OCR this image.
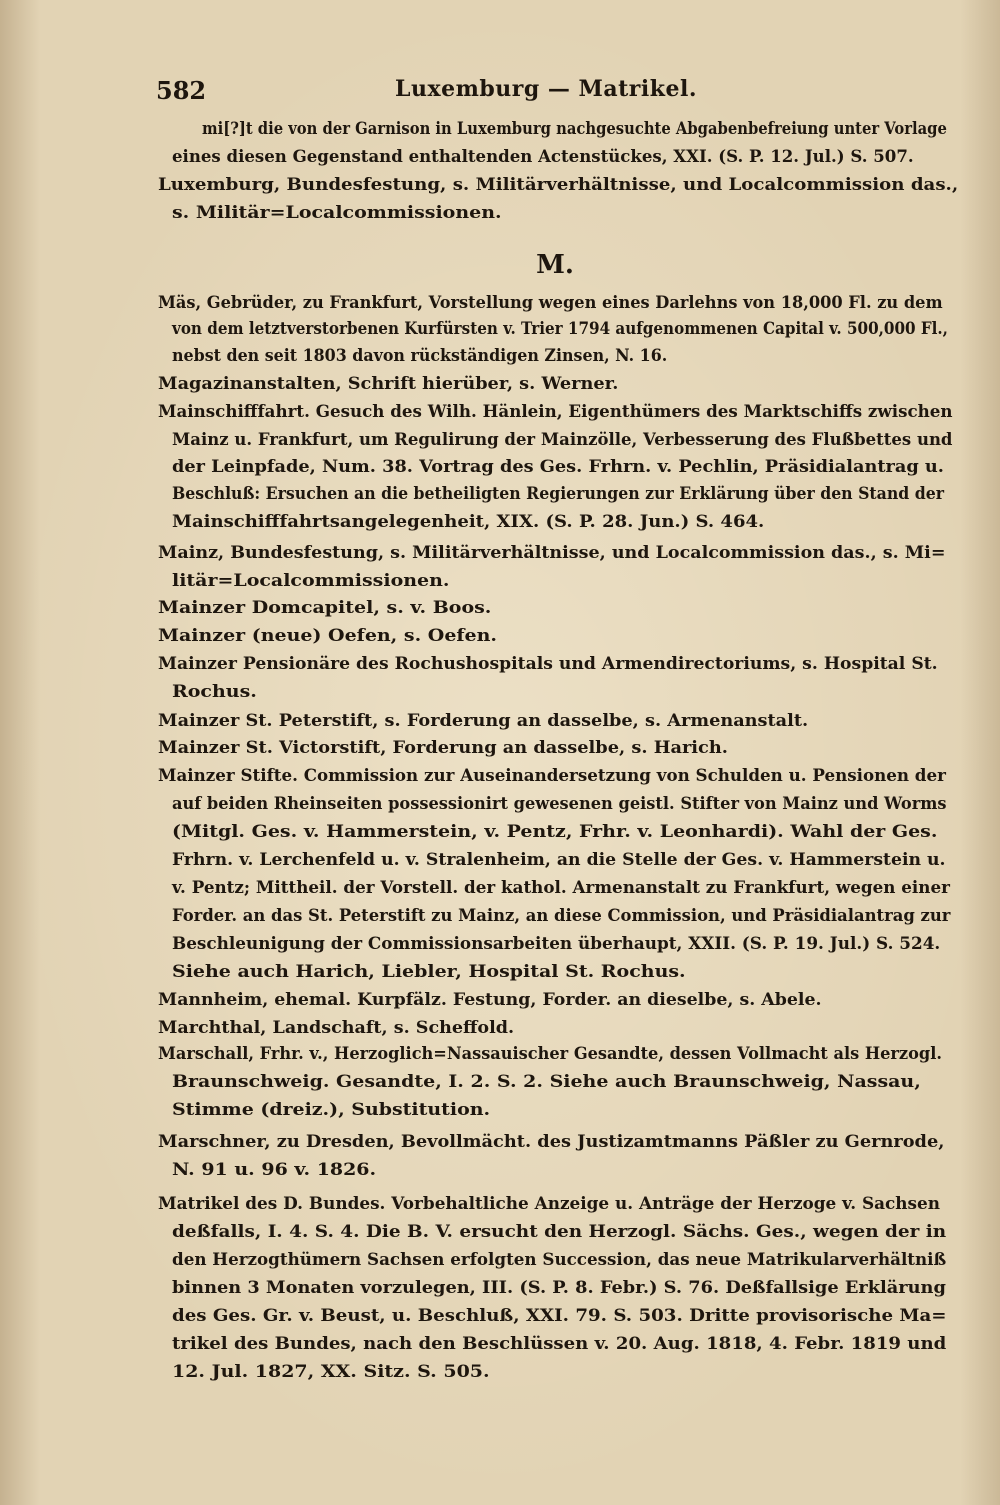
582	Luxemburg — Matrikel.
M.
mi[?]t die von der Garnison in Luxemburg nachgesuchte Abgabenbefreiung unter Vorlage
eines diesen Gegenstand enthaltenden Actenstückes, XXI. (S. P. 12. Jul.) S. 507.
Luxemburg, Bundesfestung, s. Militärverhältnisse, und Localcommission das.,
s. Militär=Localcommissionen.
Mäs, Gebrüder, zu Frankfurt, Vorstellung wegen eines Darlehns von 18,000 Fl. zu dem
von dem letztverstorbenen Kurfürsten v. Trier 1794 aufgenommenen Capital v. 500,000 Fl.,
nebst den seit 1803 davon rückständigen Zinsen, N. 16.
Magazinanstalten, Schrift hierüber, s. Werner.
Mainschifffahrt. Gesuch des Wilh. Hänlein, Eigenthümers des Marktschiffs zwischen
Mainz u. Frankfurt, um Regulirung der Mainzölle, Verbesserung des Flußbettes und
der Leinpfade, Num. 38. Vortrag des Ges. Frhrn. v. Pechlin, Präsidialantrag u.
Beschluß: Ersuchen an die betheiligten Regierungen zur Erklärung über den Stand der
Mainschifffahrtsangelegenheit, XIX. (S. P. 28. Jun.) S. 464.
Mainz, Bundesfestung, s. Militärverhältnisse, und Localcommission das., s. Mi=
litär=Localcommissionen.
Mainzer Domcapitel, s. v. Boos.
Mainzer (neue) Oefen, s. Oefen.
Mainzer Pensionäre des Rochushospitals und Armendirectoriums, s. Hospital St.
Rochus.
Mainzer St. Peterstift, s. Forderung an dasselbe, s. Armenanstalt.
Mainzer St. Victorstift, Forderung an dasselbe, s. Harich.
Mainzer Stifte. Commission zur Auseinandersetzung von Schulden u. Pensionen der
auf beiden Rheinseiten possessionirt gewesenen geistl. Stifter von Mainz und Worms
(Mitgl. Ges. v. Hammerstein, v. Pentz, Frhr. v. Leonhardi). Wahl der Ges.
Frhrn. v. Lerchenfeld u. v. Stralenheim, an die Stelle der Ges. v. Hammerstein u.
v. Pentz; Mittheil. der Vorstell. der kathol. Armenanstalt zu Frankfurt, wegen einer
Forder. an das St. Peterstift zu Mainz, an diese Commission, und Präsidialantrag zur
Beschleunigung der Commissionsarbeiten überhaupt, XXII. (S. P. 19. Jul.) S. 524.
Siehe auch Harich, Liebler, Hospital St. Rochus.
Mannheim, ehemal. Kurpfälz. Festung, Forder. an dieselbe, s. Abele.
Marchthal, Landschaft, s. Scheffold.
Marschall, Frhr. v., Herzoglich=Nassauischer Gesandte, dessen Vollmacht als Herzogl.
Braunschweig. Gesandte, I. 2. S. 2. Siehe auch Braunschweig, Nassau,
Stimme (dreiz.), Substitution.
Marschner, zu Dresden, Bevollmächt. des Justizamtmanns Päßler zu Gernrode,
N. 91 u. 96 v. 1826.
Matrikel des D. Bundes. Vorbehaltliche Anzeige u. Anträge der Herzoge v. Sachsen
deßfalls, I. 4. S. 4. Die B. V. ersucht den Herzogl. Sächs. Ges., wegen der in
den Herzogthümern Sachsen erfolgten Succession, das neue Matrikularverhältniß
binnen 3 Monaten vorzulegen, III. (S. P. 8. Febr.) S. 76. Deßfallsige Erklärung
des Ges. Gr. v. Beust, u. Beschluß, XXI. 79. S. 503. Dritte provisorische Ma=
trikel des Bundes, nach den Beschlüssen v. 20. Aug. 1818, 4. Febr. 1819 und
12. Jul. 1827, XX. Sitz. S. 505.
